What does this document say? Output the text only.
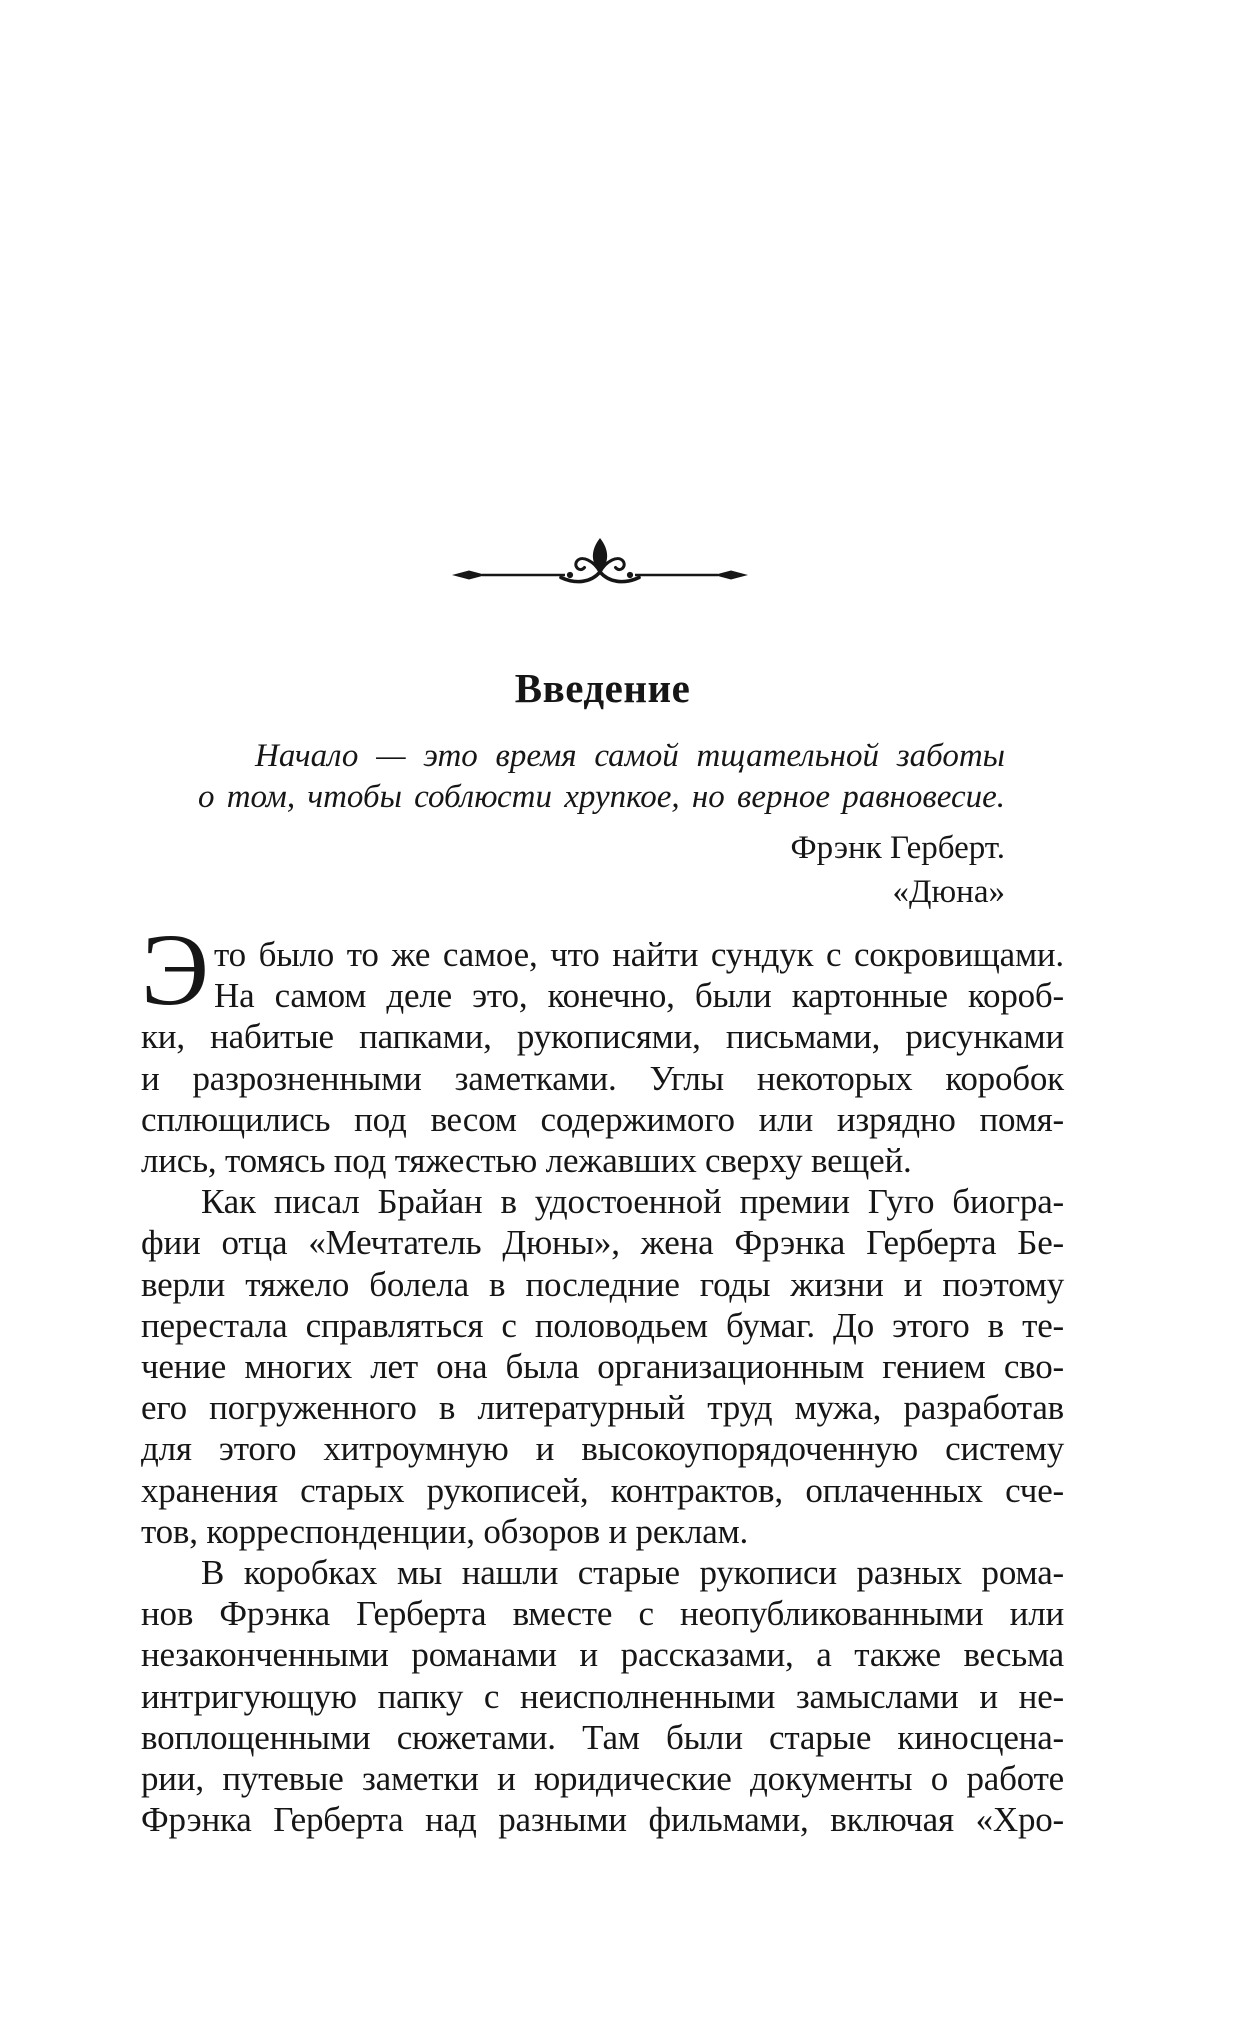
Введение
Начало — это время самой тщательной заботы
о том, чтобы соблюсти хрупкое, но верное равновесие.
Фрэнк Герберт.
«Дюна»
Э то было то же самое, что найти сундук с сокровищами.
На самом деле это, конечно, были картонные короб-
ки, набитые папками, рукописями, письмами, рисунками
и разрозненными заметками. Углы некоторых коробок
сплющились под весом содержимого или изрядно помя-
лись, томясь под тяжестью лежавших сверху вещей.
Как писал Брайан в удостоенной премии Гуго биогра-
фии отца «Мечтатель Дюны», жена Фрэнка Герберта Бе-
верли тяжело болела в последние годы жизни и поэтому
перестала справляться с половодьем бумаг. До этого в те-
чение многих лет она была организационным гением сво-
его погруженного в литературный труд мужа, разработав
для этого хитроумную и высокоупорядоченную систему
хранения старых рукописей, контрактов, оплаченных сче-
тов, корреспонденции, обзоров и реклам.
В коробках мы нашли старые рукописи разных рома-
нов Фрэнка Герберта вместе с неопубликованными или
незаконченными романами и рассказами, а также весьма
интригующую папку с неисполненными замыслами и не-
воплощенными сюжетами. Там были старые киносцена-
рии, путевые заметки и юридические документы о работе
Фрэнка Герберта над разными фильмами, включая «Хро-
